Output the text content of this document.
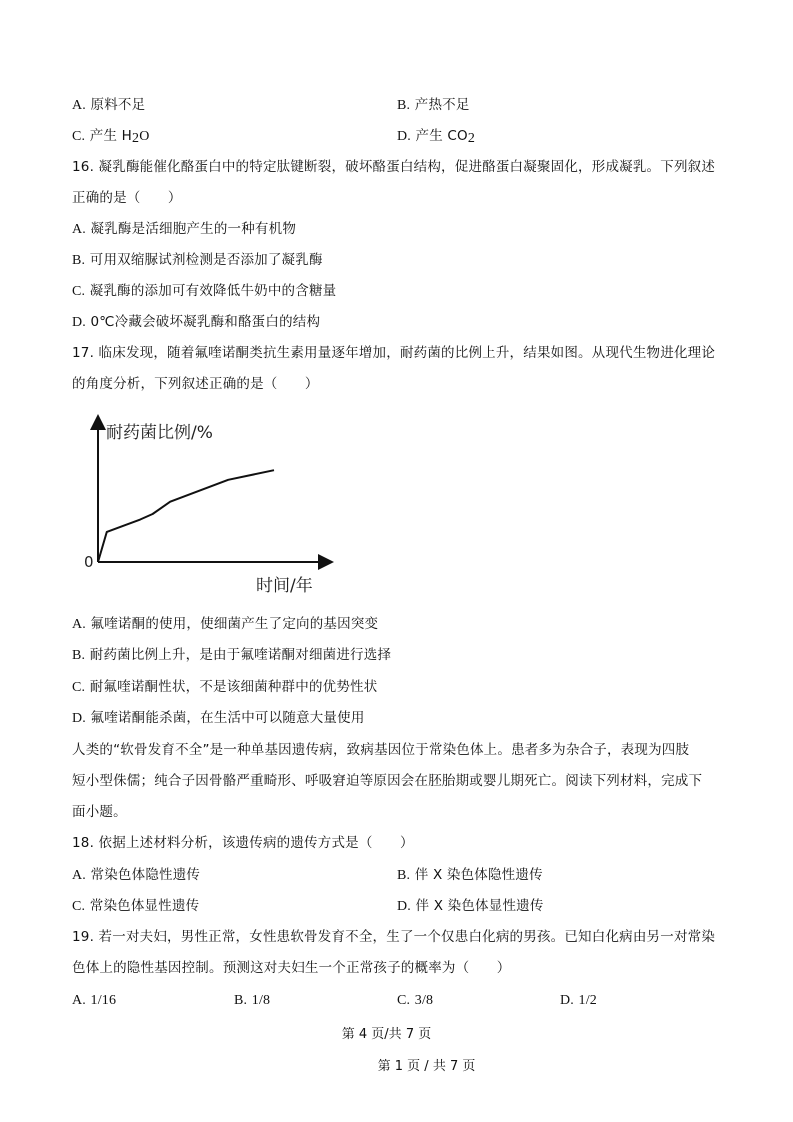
A. 原料不足	B. 产热不足
C. 产生 $H_2O$	D. 产生 $CO_2$
16. 凝乳酶能催化酪蛋白中的特定肽键断裂，破坏酪蛋白结构，促进酪蛋白凝聚固化，形成凝乳。下列叙述
正确的是（　　）
A. 凝乳酶是活细胞产生的一种有机物
B. 可用双缩脲试剂检测是否添加了凝乳酶
C. 凝乳酶的添加可有效降低牛奶中的含糖量
D. 0℃冷藏会破坏凝乳酶和酪蛋白的结构
17. 临床发现，随着氟喹诺酮类抗生素用量逐年增加，耐药菌的比例上升，结果如图。从现代生物进化理论
的角度分析，下列叙述正确的是（　　）
耐药菌比例/%
0
时间/年
A. 氟喹诺酮的使用，使细菌产生了定向的基因突变
B. 耐药菌比例上升，是由于氟喹诺酮对细菌进行选择
C. 耐氟喹诺酮性状，不是该细菌种群中的优势性状
D. 氟喹诺酮能杀菌，在生活中可以随意大量使用
人类的“软骨发育不全”是一种单基因遗传病，致病基因位于常染色体上。患者多为杂合子，表现为四肢
短小型侏儒；纯合子因骨骼严重畸形、呼吸窘迫等原因会在胚胎期或婴儿期死亡。阅读下列材料，完成下
面小题。
18. 依据上述材料分析，该遗传病的遗传方式是（　　）
A. 常染色体隐性遗传	B. 伴 X 染色体隐性遗传
C. 常染色体显性遗传	D. 伴 X 染色体显性遗传
19. 若一对夫妇，男性正常，女性患软骨发育不全，生了一个仅患白化病的男孩。已知白化病由另一对常染
色体上的隐性基因控制。预测这对夫妇生一个正常孩子的概率为（　　）
A. 1/16	B. 1/8	C. 3/8	D. 1/2
第 4 页/共 7 页
第 1 页 / 共 7 页
